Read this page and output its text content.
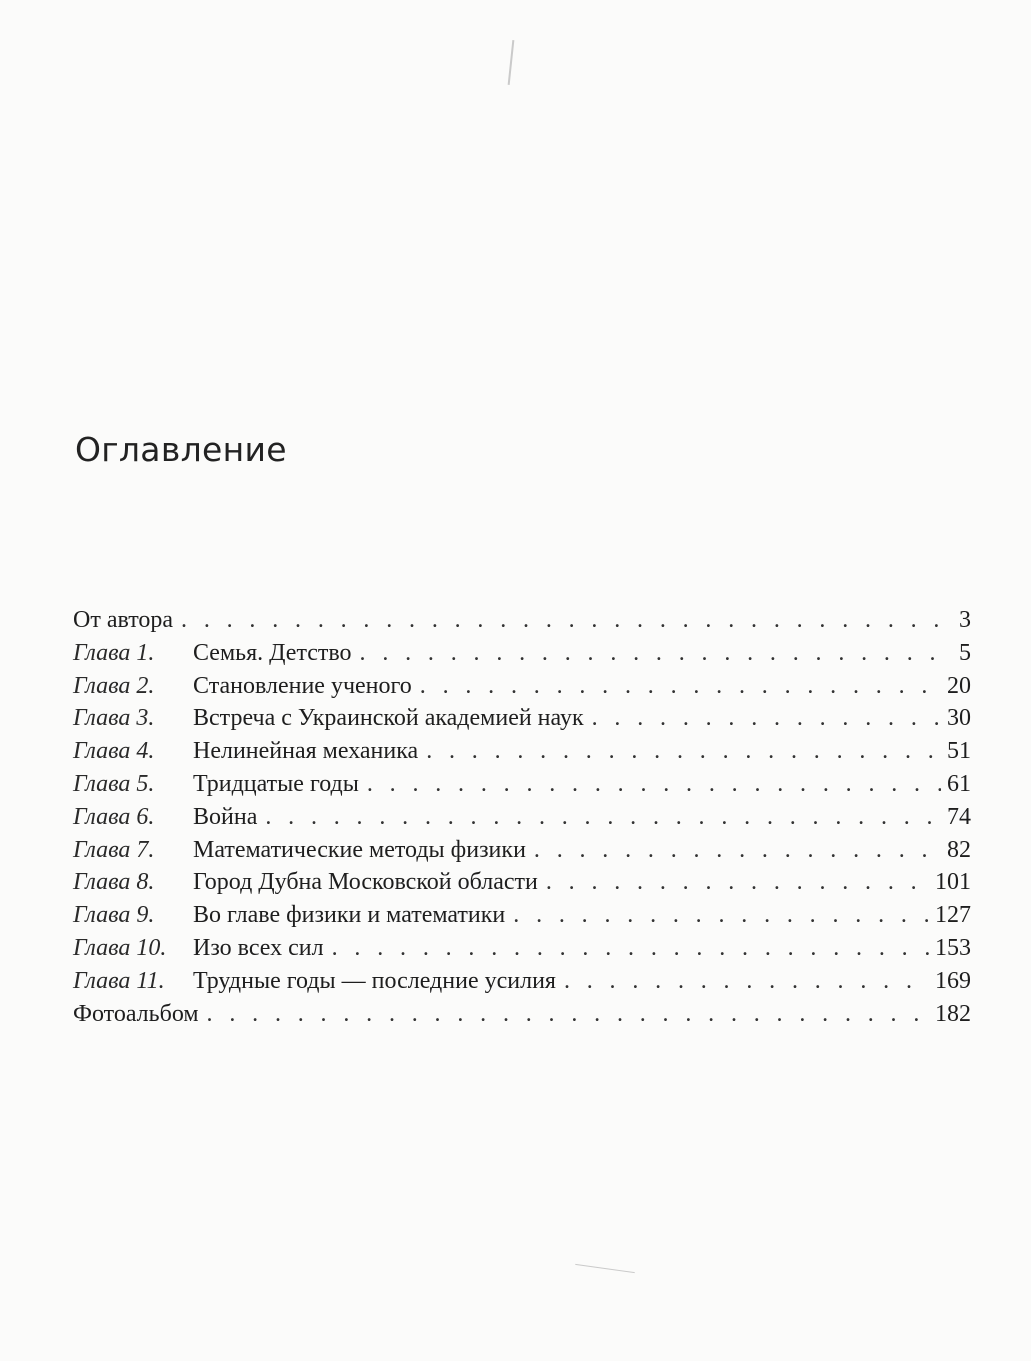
Оглавление
От автора . . .	3
Глава 1.	Семья. Детство . . .	5
Глава 2.	Становление ученого . . .	20
Глава 3.	Встреча с Украинской академией наук . . .	30
Глава 4.	Нелинейная механика . . .	51
Глава 5.	Тридцатые годы . . .	61
Глава 6.	Война . . .	74
Глава 7.	Математические методы физики . . .	82
Глава 8.	Город Дубна Московской области . . .	101
Глава 9.	Во главе физики и математики . . .	127
Глава 10.	Изо всех сил . . .	153
Глава 11.	Трудные годы — последние усилия . . .	169
Фотоальбом . . .	182
